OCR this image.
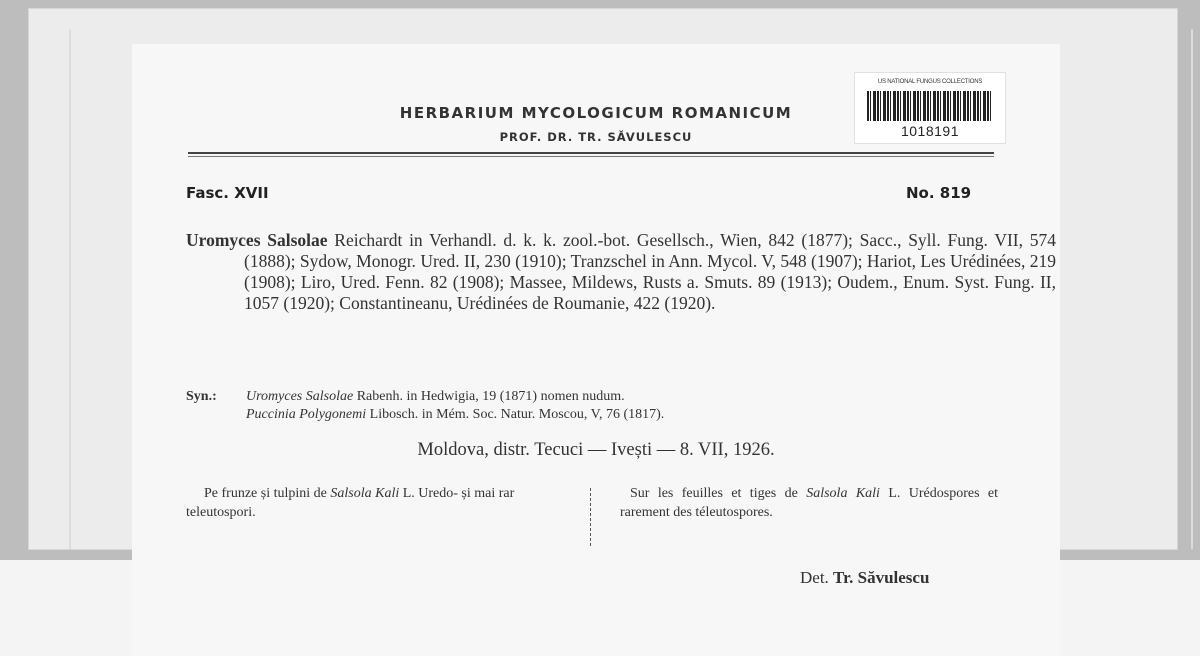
HERBARIUM MYCOLOGICUM ROMANICUM
PROF. DR. TR. SĂVULESCU
US NATIONAL FUNGUS COLLECTIONS
1018191
Fasc. XVII	No. 819
Uromyces Salsolae Reichardt in Verhandl. d. k. k. zool.-bot. Gesellsch., Wien, 842 (1877); Sacc., Syll. Fung. VII, 574 (1888); Sydow, Monogr. Ured. II, 230 (1910); Tranzschel in Ann. Mycol. V, 548 (1907); Hariot, Les Urédinées, 219 (1908); Liro, Ured. Fenn. 82 (1908); Massee, Mildews, Rusts a. Smuts. 89 (1913); Oudem., Enum. Syst. Fung. II, 1057 (1920); Constantineanu, Urédinées de Roumanie, 422 (1920).
Syn.: Uromyces Salsolae Rabenh. in Hedwigia, 19 (1871) nomen nudum.
Puccinia Polygonemi Libosch. in Mém. Soc. Natur. Moscou, V, 76 (1817).
Moldova, distr. Tecuci — Ivești — 8. VII, 1926.
Pe frunze și tulpini de Salsola Kali L. Uredo- și mai rar teleutospori.
Sur les feuilles et tiges de Salsola Kali L. Urédospores et rarement des téleutospores.
Det. Tr. Săvulescu
